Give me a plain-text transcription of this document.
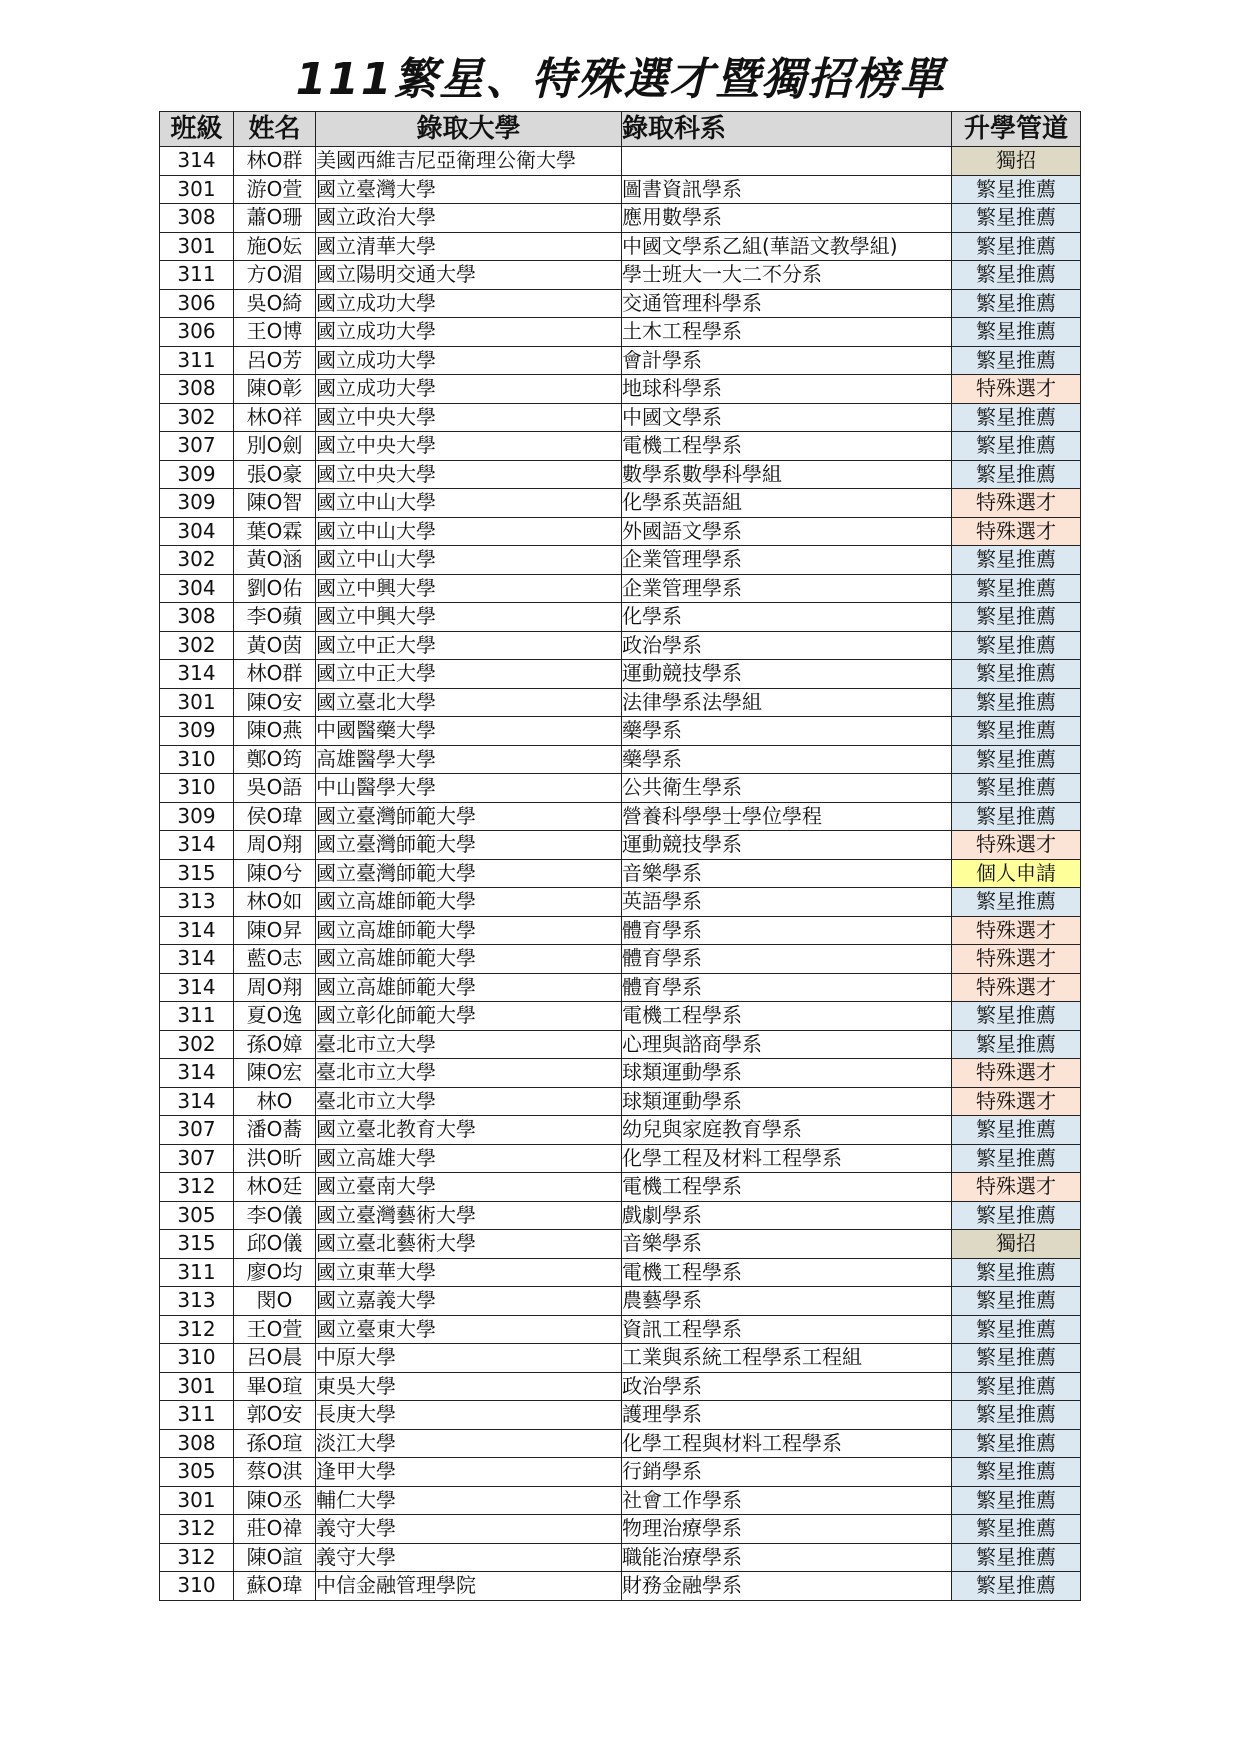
111繁星、特殊選才暨獨招榜單
班級	姓名	錄取大學	錄取科系	升學管道
314	林O群	美國西維吉尼亞衛理公衛大學		獨招
301	游O萱	國立臺灣大學	圖書資訊學系	繁星推薦
308	蕭O珊	國立政治大學	應用數學系	繁星推薦
301	施O妘	國立清華大學	中國文學系乙組(華語文教學組)	繁星推薦
311	方O湄	國立陽明交通大學	學士班大一大二不分系	繁星推薦
306	吳O綺	國立成功大學	交通管理科學系	繁星推薦
306	王O博	國立成功大學	土木工程學系	繁星推薦
311	呂O芳	國立成功大學	會計學系	繁星推薦
308	陳O彰	國立成功大學	地球科學系	特殊選才
302	林O祥	國立中央大學	中國文學系	繁星推薦
307	別O劍	國立中央大學	電機工程學系	繁星推薦
309	張O豪	國立中央大學	數學系數學科學組	繁星推薦
309	陳O智	國立中山大學	化學系英語組	特殊選才
304	葉O霖	國立中山大學	外國語文學系	特殊選才
302	黃O涵	國立中山大學	企業管理學系	繁星推薦
304	劉O佑	國立中興大學	企業管理學系	繁星推薦
308	李O蘋	國立中興大學	化學系	繁星推薦
302	黃O茵	國立中正大學	政治學系	繁星推薦
314	林O群	國立中正大學	運動競技學系	繁星推薦
301	陳O安	國立臺北大學	法律學系法學組	繁星推薦
309	陳O燕	中國醫藥大學	藥學系	繁星推薦
310	鄭O筠	高雄醫學大學	藥學系	繁星推薦
310	吳O語	中山醫學大學	公共衛生學系	繁星推薦
309	侯O瑋	國立臺灣師範大學	營養科學學士學位學程	繁星推薦
314	周O翔	國立臺灣師範大學	運動競技學系	特殊選才
315	陳O兮	國立臺灣師範大學	音樂學系	個人申請
313	林O如	國立高雄師範大學	英語學系	繁星推薦
314	陳O昇	國立高雄師範大學	體育學系	特殊選才
314	藍O志	國立高雄師範大學	體育學系	特殊選才
314	周O翔	國立高雄師範大學	體育學系	特殊選才
311	夏O逸	國立彰化師範大學	電機工程學系	繁星推薦
302	孫O嫜	臺北市立大學	心理與諮商學系	繁星推薦
314	陳O宏	臺北市立大學	球類運動學系	特殊選才
314	林O	臺北市立大學	球類運動學系	特殊選才
307	潘O蕎	國立臺北教育大學	幼兒與家庭教育學系	繁星推薦
307	洪O昕	國立高雄大學	化學工程及材料工程學系	繁星推薦
312	林O廷	國立臺南大學	電機工程學系	特殊選才
305	李O儀	國立臺灣藝術大學	戲劇學系	繁星推薦
315	邱O儀	國立臺北藝術大學	音樂學系	獨招
311	廖O均	國立東華大學	電機工程學系	繁星推薦
313	閔O	國立嘉義大學	農藝學系	繁星推薦
312	王O萱	國立臺東大學	資訊工程學系	繁星推薦
310	呂O晨	中原大學	工業與系統工程學系工程組	繁星推薦
301	畢O瑄	東吳大學	政治學系	繁星推薦
311	郭O安	長庚大學	護理學系	繁星推薦
308	孫O瑄	淡江大學	化學工程與材料工程學系	繁星推薦
305	蔡O淇	逢甲大學	行銷學系	繁星推薦
301	陳O丞	輔仁大學	社會工作學系	繁星推薦
312	莊O禕	義守大學	物理治療學系	繁星推薦
312	陳O諠	義守大學	職能治療學系	繁星推薦
310	蘇O瑋	中信金融管理學院	財務金融學系	繁星推薦
